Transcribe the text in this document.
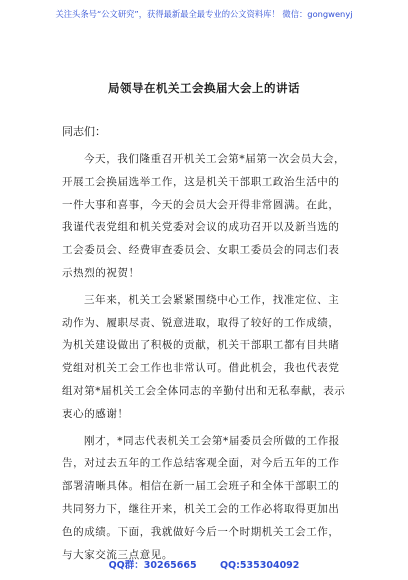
关注头条号“公文研究”，获得最新最全最专业的公文资料库！ 微信：gongwenyj
局领导在机关工会换届大会上的讲话
同志们：
今天，我们隆重召开机关工会第*届第一次会员大会，
开展工会换届选举工作，这是机关干部职工政治生活中的
一件大事和喜事，今天的会员大会开得非常圆满。在此，
我谨代表党组和机关党委对会议的成功召开以及新当选的
工会委员会、经费审查委员会、女职工委员会的同志们表
示热烈的祝贺！
三年来，机关工会紧紧围绕中心工作，找准定位、主
动作为、履职尽责、锐意进取，取得了较好的工作成绩，
为机关建设做出了积极的贡献，机关干部职工都有目共睹
党组对机关工会工作也非常认可。借此机会，我也代表党
组对第*届机关工会全体同志的辛勤付出和无私奉献，表示
衷心的感谢！
刚才，*同志代表机关工会第*届委员会所做的工作报
告，对过去五年的工作总结客观全面，对今后五年的工作
部署清晰具体。相信在新一届工会班子和全体干部职工的
共同努力下，继往开来，机关工会的工作必将取得更加出
色的成绩。下面，我就做好今后一个时期机关工会工作，
与大家交流三点意见。
QQ群：30265665 QQ:535304092
